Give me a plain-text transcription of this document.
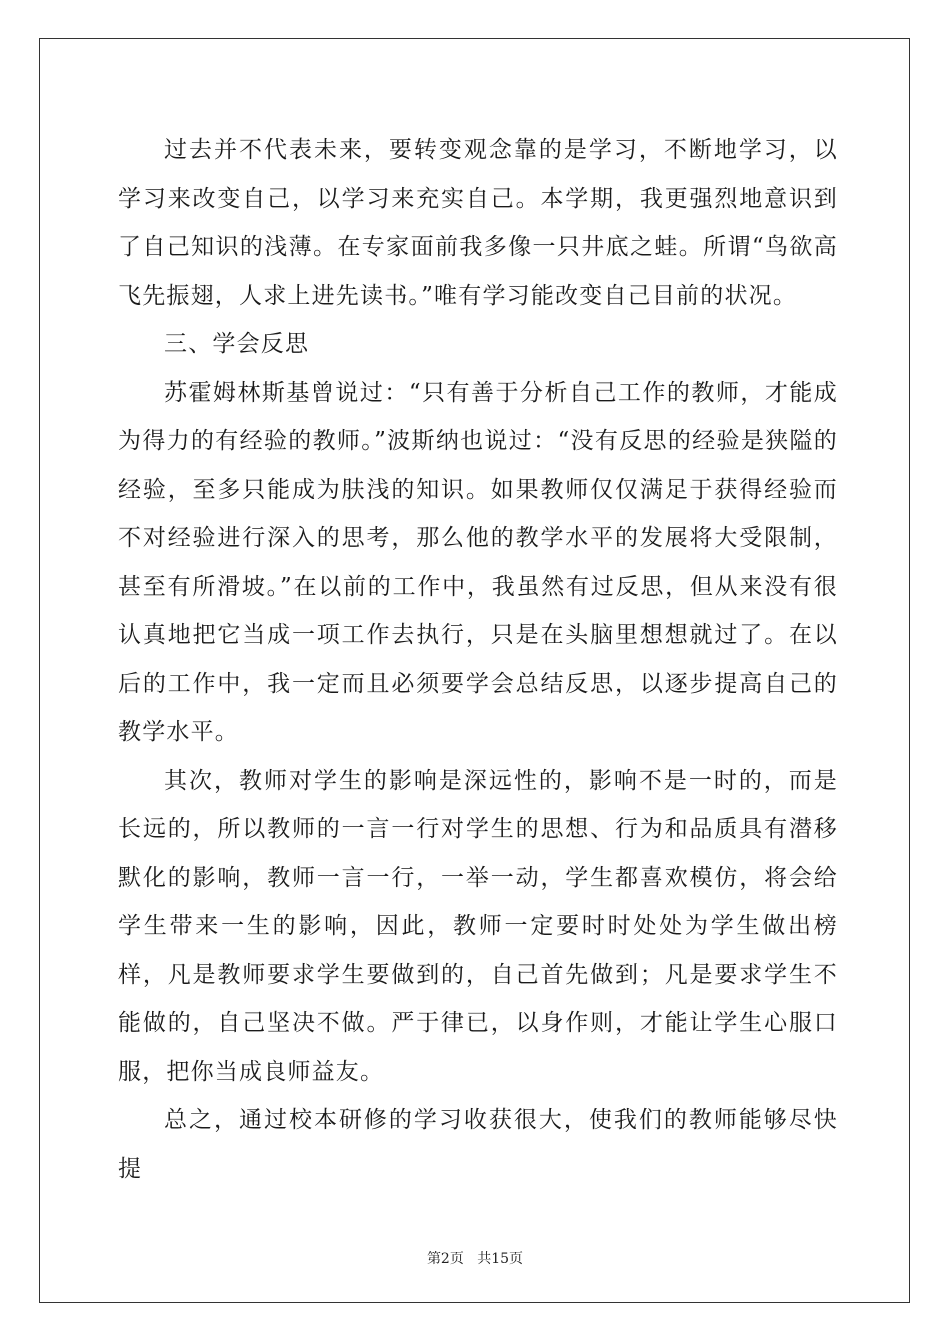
过去并不代表未来，要转变观念靠的是学习，不断地学习，以学习来改变自己，以学习来充实自己。本学期，我更强烈地意识到了自己知识的浅薄。在专家面前我多像一只井底之蛙。所谓“鸟欲高飞先振翅，人求上进先读书。”唯有学习能改变自己目前的状况。

三、学会反思

苏霍姆林斯基曾说过：“只有善于分析自己工作的教师，才能成为得力的有经验的教师。”波斯纳也说过：“没有反思的经验是狭隘的经验，至多只能成为肤浅的知识。如果教师仅仅满足于获得经验而不对经验进行深入的思考，那么他的教学水平的发展将大受限制，甚至有所滑坡。”在以前的工作中，我虽然有过反思，但从来没有很认真地把它当成一项工作去执行，只是在头脑里想想就过了。在以后的工作中，我一定而且必须要学会总结反思，以逐步提高自己的教学水平。

其次，教师对学生的影响是深远性的，影响不是一时的，而是长远的，所以教师的一言一行对学生的思想、行为和品质具有潜移默化的影响，教师一言一行，一举一动，学生都喜欢模仿，将会给学生带来一生的影响，因此，教师一定要时时处处为学生做出榜样，凡是教师要求学生要做到的，自己首先做到；凡是要求学生不能做的，自己坚决不做。严于律已，以身作则，才能让学生心服口服，把你当成良师益友。

总之，通过校本研修的学习收获很大，使我们的教师能够尽快提

第2页 共15页
